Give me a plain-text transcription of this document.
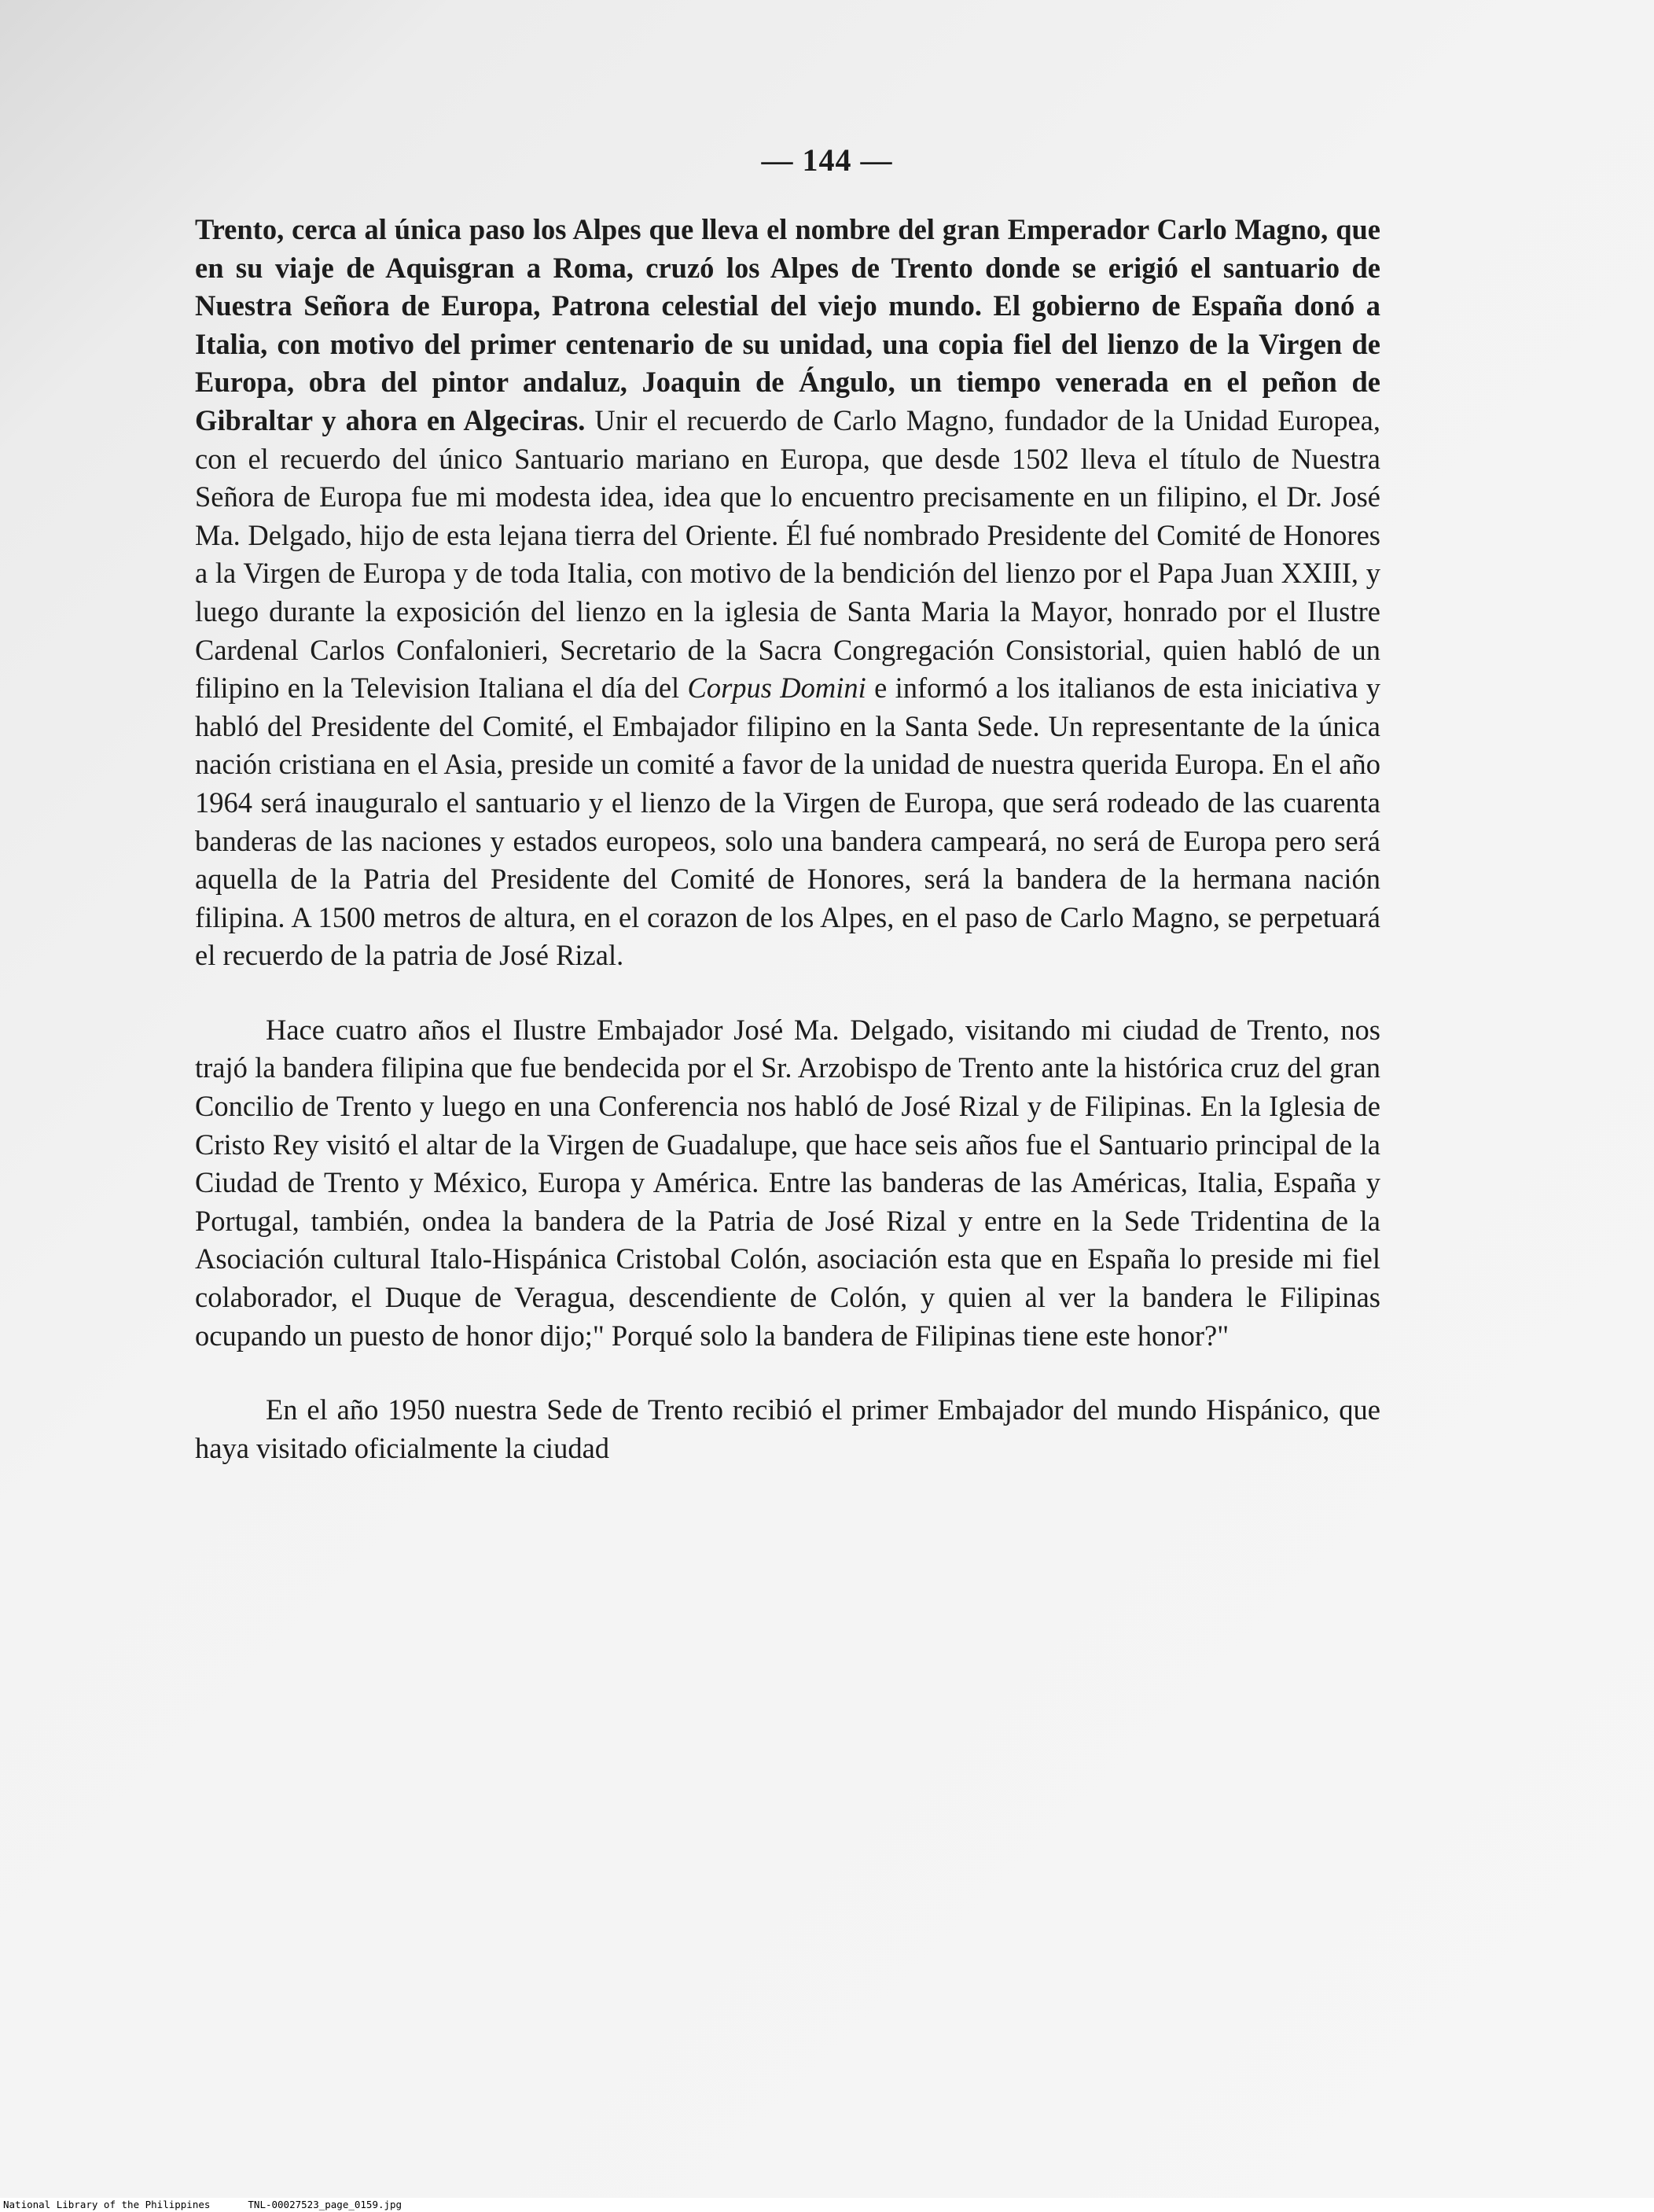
— 144 —

Trento, cerca al única paso los Alpes que lleva el nombre del gran Emperador Carlo Magno, que en su viaje de Aquisgran a Roma, cruzó los Alpes de Trento donde se erigió el santuario de Nuestra Señora de Europa, Patrona celestial del viejo mundo. El gobierno de España donó a Italia, con motivo del primer centenario de su unidad, una copia fiel del lienzo de la Virgen de Europa, obra del pintor andaluz, Joaquin de Ángulo, un tiempo venerada en el peñon de Gibraltar y ahora en Algeciras. Unir el recuerdo de Carlo Magno, fundador de la Unidad Europea, con el recuerdo del único Santuario mariano en Europa, que desde 1502 lleva el título de Nuestra Señora de Europa fue mi modesta idea, idea que lo encuentro precisamente en un filipino, el Dr. José Ma. Delgado, hijo de esta lejana tierra del Oriente. Él fué nombrado Presidente del Comité de Honores a la Virgen de Europa y de toda Italia, con motivo de la bendición del lienzo por el Papa Juan XXIII, y luego durante la exposición del lienzo en la iglesia de Santa Maria la Mayor, honrado por el Ilustre Cardenal Carlos Confalonieri, Secretario de la Sacra Congregación Consistorial, quien habló de un filipino en la Television Italiana el día del Corpus Domini e informó a los italianos de esta iniciativa y habló del Presidente del Comité, el Embajador filipino en la Santa Sede. Un representante de la única nación cristiana en el Asia, preside un comité a favor de la unidad de nuestra querida Europa. En el año 1964 será inauguralo el santuario y el lienzo de la Virgen de Europa, que será rodeado de las cuarenta banderas de las naciones y estados europeos, solo una bandera campeará, no será de Europa pero será aquella de la Patria del Presidente del Comité de Honores, será la bandera de la hermana nación filipina. A 1500 metros de altura, en el corazon de los Alpes, en el paso de Carlo Magno, se perpetuará el recuerdo de la patria de José Rizal.

Hace cuatro años el Ilustre Embajador José Ma. Delgado, visitando mi ciudad de Trento, nos trajó la bandera filipina que fue bendecida por el Sr. Arzobispo de Trento ante la histórica cruz del gran Concilio de Trento y luego en una Conferencia nos habló de José Rizal y de Filipinas. En la Iglesia de Cristo Rey visitó el altar de la Virgen de Guadalupe, que hace seis años fue el Santuario principal de la Ciudad de Trento y México, Europa y América. Entre las banderas de las Américas, Italia, España y Portugal, también, ondea la bandera de la Patria de José Rizal y entre en la Sede Tridentina de la Asociación cultural Italo-Hispánica Cristobal Colón, asociación esta que en España lo preside mi fiel colaborador, el Duque de Veragua, descendiente de Colón, y quien al ver la bandera le Filipinas ocupando un puesto de honor dijo;" Porqué solo la bandera de Filipinas tiene este honor?"

En el año 1950 nuestra Sede de Trento recibió el primer Embajador del mundo Hispánico, que haya visitado oficialmente la ciudad

National Library of the Philippines	TNL-00027523_page_0159.jpg
